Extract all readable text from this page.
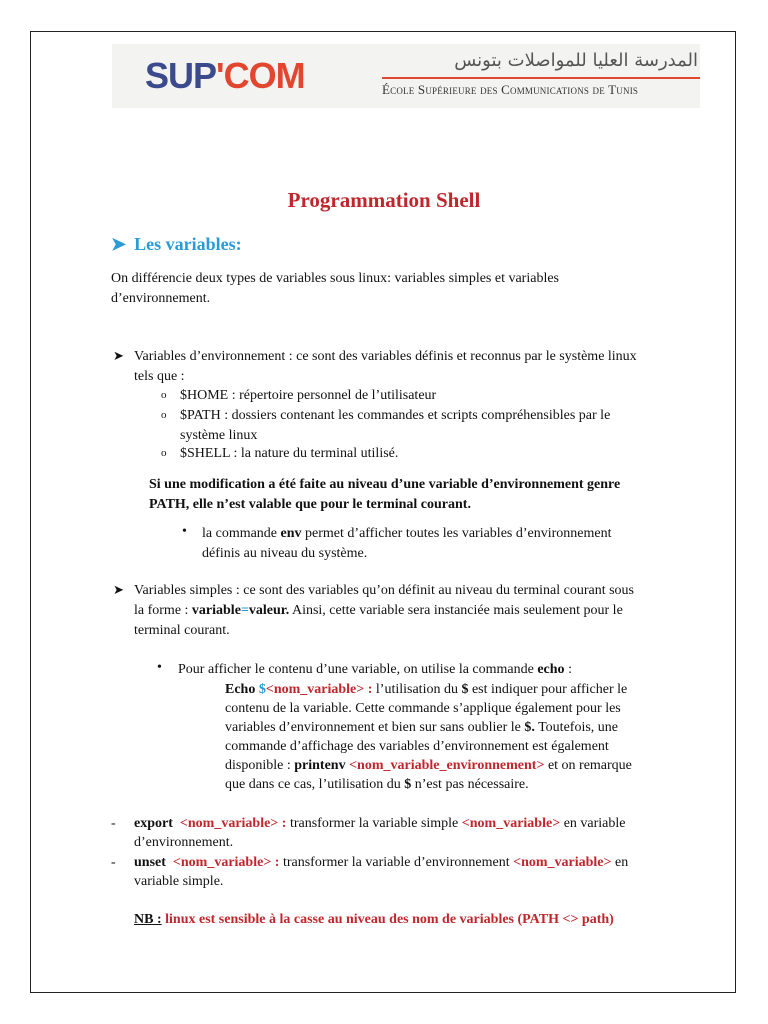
SUP'COM	المدرسة العليا للمواصلات بتونس
École Supérieure des Communications de Tunis
Programmation Shell
➤ Les variables:
On différencie deux types de variables sous linux: variables simples et variables
d’environnement.
➤ Variables d’environnement : ce sont des variables définis et reconnus par le système linux
tels que :
o $HOME : répertoire personnel de l’utilisateur
o $PATH : dossiers contenant les commandes et scripts compréhensibles par le
système linux
o $SHELL : la nature du terminal utilisé.
Si une modification a été faite au niveau d’une variable d’environnement genre
PATH, elle n’est valable que pour le terminal courant.
• la commande env permet d’afficher toutes les variables d’environnement
définis au niveau du système.
➤ Variables simples : ce sont des variables qu’on définit au niveau du terminal courant sous
la forme : variable=valeur. Ainsi, cette variable sera instanciée mais seulement pour le
terminal courant.
• Pour afficher le contenu d’une variable, on utilise la commande echo :
Echo $<nom_variable> : l’utilisation du $ est indiquer pour afficher le
contenu de la variable. Cette commande s’applique également pour les
variables d’environnement et bien sur sans oublier le $. Toutefois, une
commande d’affichage des variables d’environnement est également
disponible : printenv <nom_variable_environnement> et on remarque
que dans ce cas, l’utilisation du $ n’est pas nécessaire.
- export <nom_variable> : transformer la variable simple <nom_variable> en variable
d’environnement.
- unset <nom_variable> : transformer la variable d’environnement <nom_variable> en
variable simple.
NB : linux est sensible à la casse au niveau des nom de variables (PATH <> path)
